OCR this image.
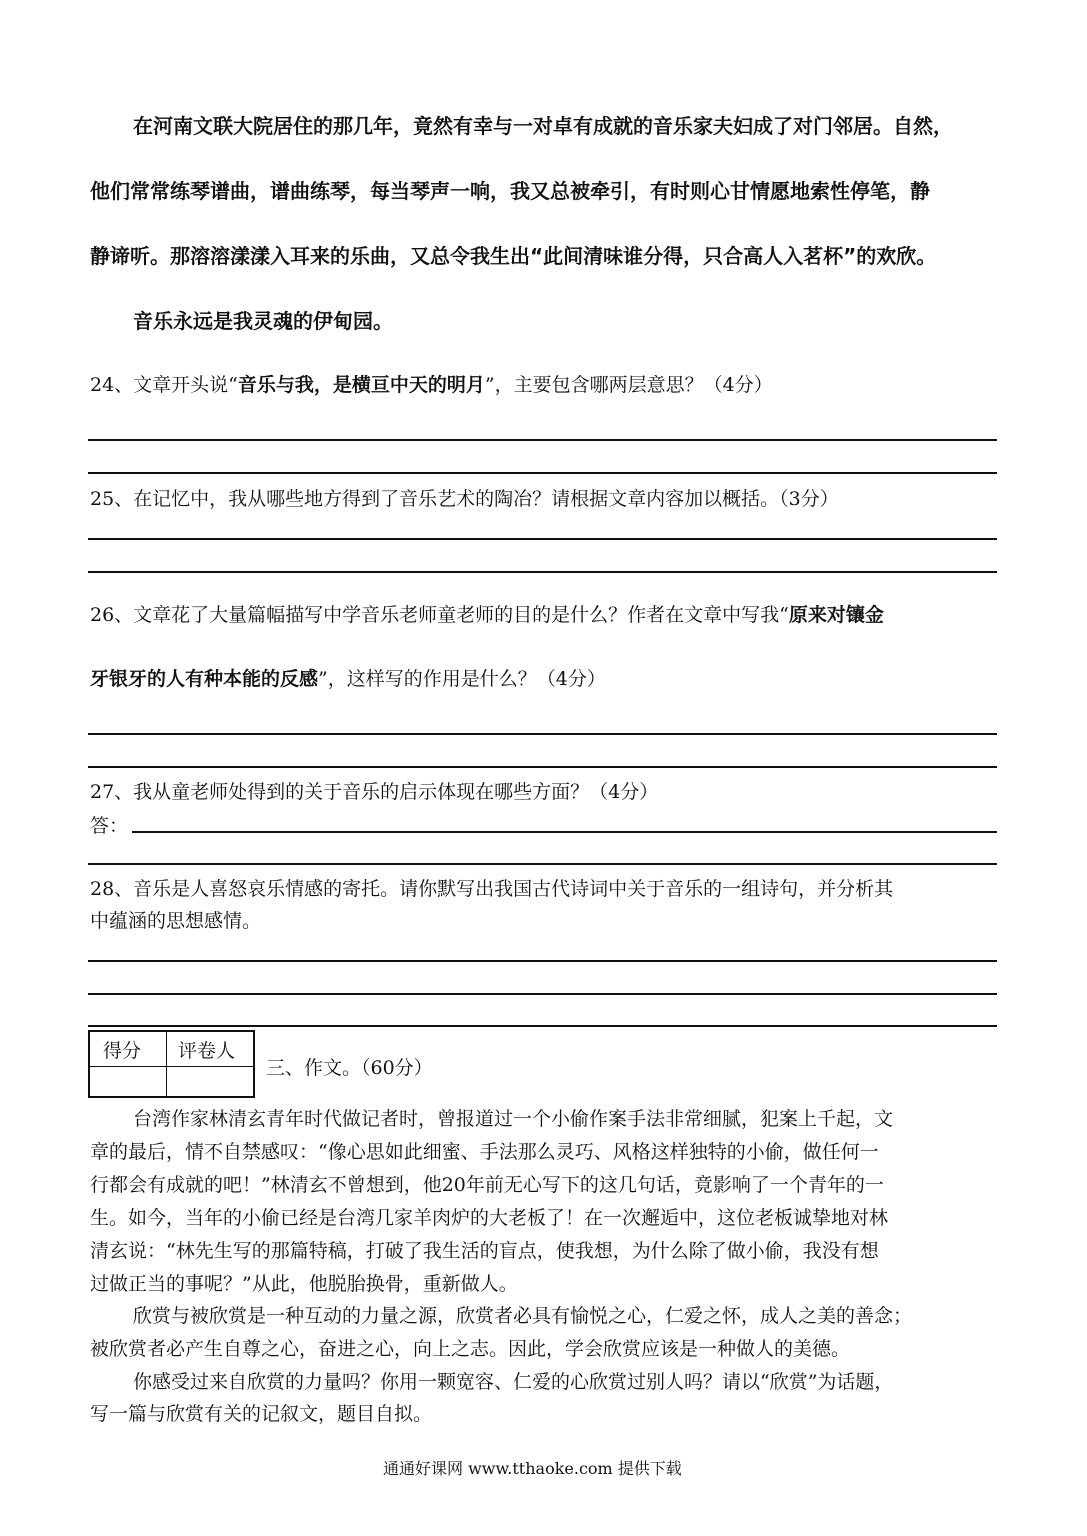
在河南文联大院居住的那几年，竟然有幸与一对卓有成就的音乐家夫妇成了对门邻居。自然，
他们常常练琴谱曲，谱曲练琴，每当琴声一响，我又总被牵引，有时则心甘情愿地索性停笔，静
静谛听。那溶溶漾漾入耳来的乐曲，又总令我生出“此间清味谁分得，只合高人入茗杯”的欢欣。
音乐永远是我灵魂的伊甸园。
24、文章开头说“音乐与我，是横亘中天的明月”，主要包含哪两层意思？（4分）
25、在记忆中，我从哪些地方得到了音乐艺术的陶冶？请根据文章内容加以概括。（3分）
26、文章花了大量篇幅描写中学音乐老师童老师的目的是什么？作者在文章中写我“原来对镶金
牙银牙的人有种本能的反感”，这样写的作用是什么？（4分）
27、我从童老师处得到的关于音乐的启示体现在哪些方面？（4分）
答：
28、音乐是人喜怒哀乐情感的寄托。请你默写出我国古代诗词中关于音乐的一组诗句，并分析其
中蕴涵的思想感情。
得分 评卷人
三、作文。（60分）
台湾作家林清玄青年时代做记者时，曾报道过一个小偷作案手法非常细腻，犯案上千起，文
章的最后，情不自禁感叹：“像心思如此细蜜、手法那么灵巧、风格这样独特的小偷，做任何一
行都会有成就的吧！”林清玄不曾想到，他20年前无心写下的这几句话，竟影响了一个青年的一
生。如今，当年的小偷已经是台湾几家羊肉炉的大老板了！在一次邂逅中，这位老板诚挚地对林
清玄说：“林先生写的那篇特稿，打破了我生活的盲点，使我想，为什么除了做小偷，我没有想
过做正当的事呢？”从此，他脱胎换骨，重新做人。
欣赏与被欣赏是一种互动的力量之源，欣赏者必具有愉悦之心，仁爱之怀，成人之美的善念；
被欣赏者必产生自尊之心，奋进之心，向上之志。因此，学会欣赏应该是一种做人的美德。
你感受过来自欣赏的力量吗？你用一颗宽容、仁爱的心欣赏过别人吗？请以“欣赏”为话题，
写一篇与欣赏有关的记叙文，题目自拟。
通通好课网 www.tthaoke.com 提供下载
